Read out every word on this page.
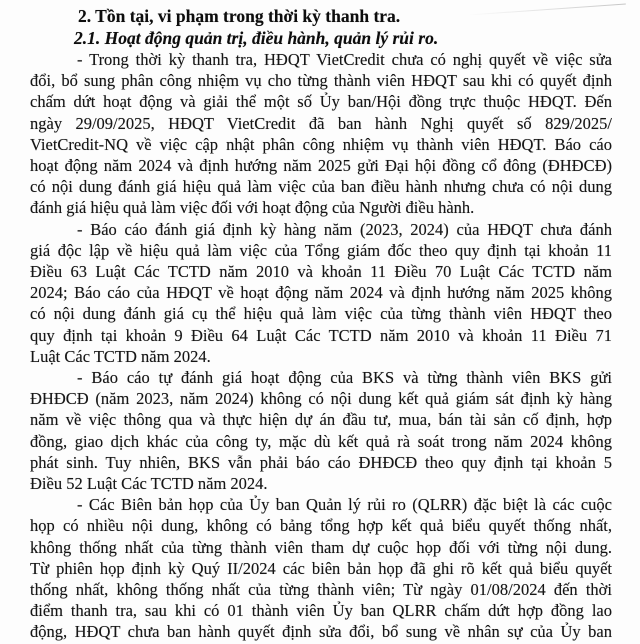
2. Tồn tại, vi phạm trong thời kỳ thanh tra.
2.1. Hoạt động quản trị, điều hành, quản lý rủi ro.
- Trong thời kỳ thanh tra, HĐQT VietCredit chưa có nghị quyết về việc sửa
đổi, bổ sung phân công nhiệm vụ cho từng thành viên HĐQT sau khi có quyết định
chấm dứt hoạt động và giải thể một số Ủy ban/Hội đồng trực thuộc HĐQT. Đến
ngày 29/09/2025, HĐQT VietCredit đã ban hành Nghị quyết số 829/2025/
VietCredit-NQ về việc cập nhật phân công nhiệm vụ thành viên HĐQT. Báo cáo
hoạt động năm 2024 và định hướng năm 2025 gửi Đại hội đồng cổ đông (ĐHĐCĐ)
có nội dung đánh giá hiệu quả làm việc của ban điều hành nhưng chưa có nội dung
đánh giá hiệu quả làm việc đối với hoạt động của Người điều hành.
- Báo cáo đánh giá định kỳ hàng năm (2023, 2024) của HĐQT chưa đánh
giá độc lập về hiệu quả làm việc của Tổng giám đốc theo quy định tại khoản 11
Điều 63 Luật Các TCTD năm 2010 và khoản 11 Điều 70 Luật Các TCTD năm
2024; Báo cáo của HĐQT về hoạt động năm 2024 và định hướng năm 2025 không
có nội dung đánh giá cụ thể hiệu quả làm việc của từng thành viên HĐQT theo
quy định tại khoản 9 Điều 64 Luật Các TCTD năm 2010 và khoản 11 Điều 71
Luật Các TCTD năm 2024.
- Báo cáo tự đánh giá hoạt động của BKS và từng thành viên BKS gửi
ĐHĐCĐ (năm 2023, năm 2024) không có nội dung kết quả giám sát định kỳ hàng
năm về việc thông qua và thực hiện dự án đầu tư, mua, bán tài sản cố định, hợp
đồng, giao dịch khác của công ty, mặc dù kết quả rà soát trong năm 2024 không
phát sinh. Tuy nhiên, BKS vẫn phải báo cáo ĐHĐCĐ theo quy định tại khoản 5
Điều 52 Luật Các TCTD năm 2024.
- Các Biên bản họp của Ủy ban Quản lý rủi ro (QLRR) đặc biệt là các cuộc
họp có nhiều nội dung, không có bảng tổng hợp kết quả biểu quyết thống nhất,
không thống nhất của từng thành viên tham dự cuộc họp đối với từng nội dung.
Từ phiên họp định kỳ Quý II/2024 các biên bản họp đã ghi rõ kết quả biểu quyết
thống nhất, không thống nhất của từng thành viên; Từ ngày 01/08/2024 đến thời
điểm thanh tra, sau khi có 01 thành viên Ủy ban QLRR chấm dứt hợp đồng lao
động, HĐQT chưa ban hành quyết định sửa đổi, bổ sung về nhân sự của Ủy ban
